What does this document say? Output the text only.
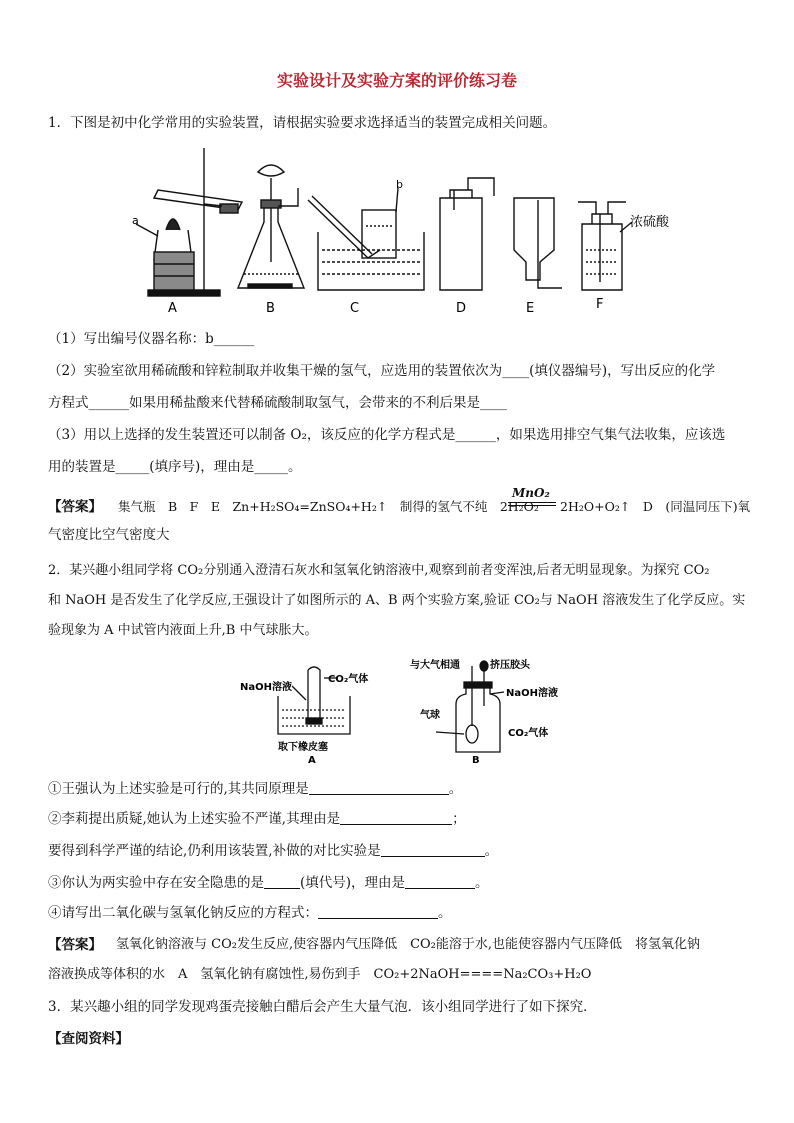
实验设计及实验方案的评价练习卷
1．下图是初中化学常用的实验装置，请根据实验要求选择适当的装置完成相关问题。
a
b
浓硫酸
A	B	C	D	E	F
（1）写出编号仪器名称：b______
（2）实验室欲用稀硫酸和锌粒制取并收集干燥的氢气，应选用的装置依次为____(填仪器编号)，写出反应的化学
方程式______如果用稀盐酸来代替稀硫酸制取氢气，会带来的不利后果是____
（3）用以上选择的发生装置还可以制备 O₂，该反应的化学方程式是______，如果选用排空气集气法收集，应该选
用的装置是_____(填序号)，理由是_____。
【答案】 集气瓶　B　F　E　Zn+H₂SO₄=ZnSO₄+H₂↑　制得的氢气不纯　2H₂O₂
MnO₂
2H₂O+O₂↑　D　(同温同压下)氧
气密度比空气密度大
2．某兴趣小组同学将 CO₂分别通入澄清石灰水和氢氧化钠溶液中,观察到前者变浑浊,后者无明显现象。为探究 CO₂
和 NaOH 是否发生了化学反应,王强设计了如图所示的 A、B 两个实验方案,验证 CO₂与 NaOH 溶液发生了化学反应。实
验现象为 A 中试管内液面上升,B 中气球胀大。
NaOH溶液
CO₂气体
取下橡皮塞
A
与大气相通	挤压胶头
NaOH溶液
气球
CO₂气体
B
①王强认为上述实验是可行的,其共同原理是	。
②李莉提出质疑,她认为上述实验不严谨,其理由是	；
要得到科学严谨的结论,仍利用该装置,补做的对比实验是	。
③你认为两实验中存在安全隐患的是	(填代号)，理由是	。
④请写出二氧化碳与氢氧化钠反应的方程式：	。
【答案】 氢氧化钠溶液与 CO₂发生反应,使容器内气压降低　CO₂能溶于水,也能使容器内气压降低　将氢氧化钠
溶液换成等体积的水　A　氢氧化钠有腐蚀性,易伤到手　CO₂+2NaOH====Na₂CO₃+H₂O
3．某兴趣小组的同学发现鸡蛋壳接触白醋后会产生大量气泡．该小组同学进行了如下探究．
【查阅资料】
